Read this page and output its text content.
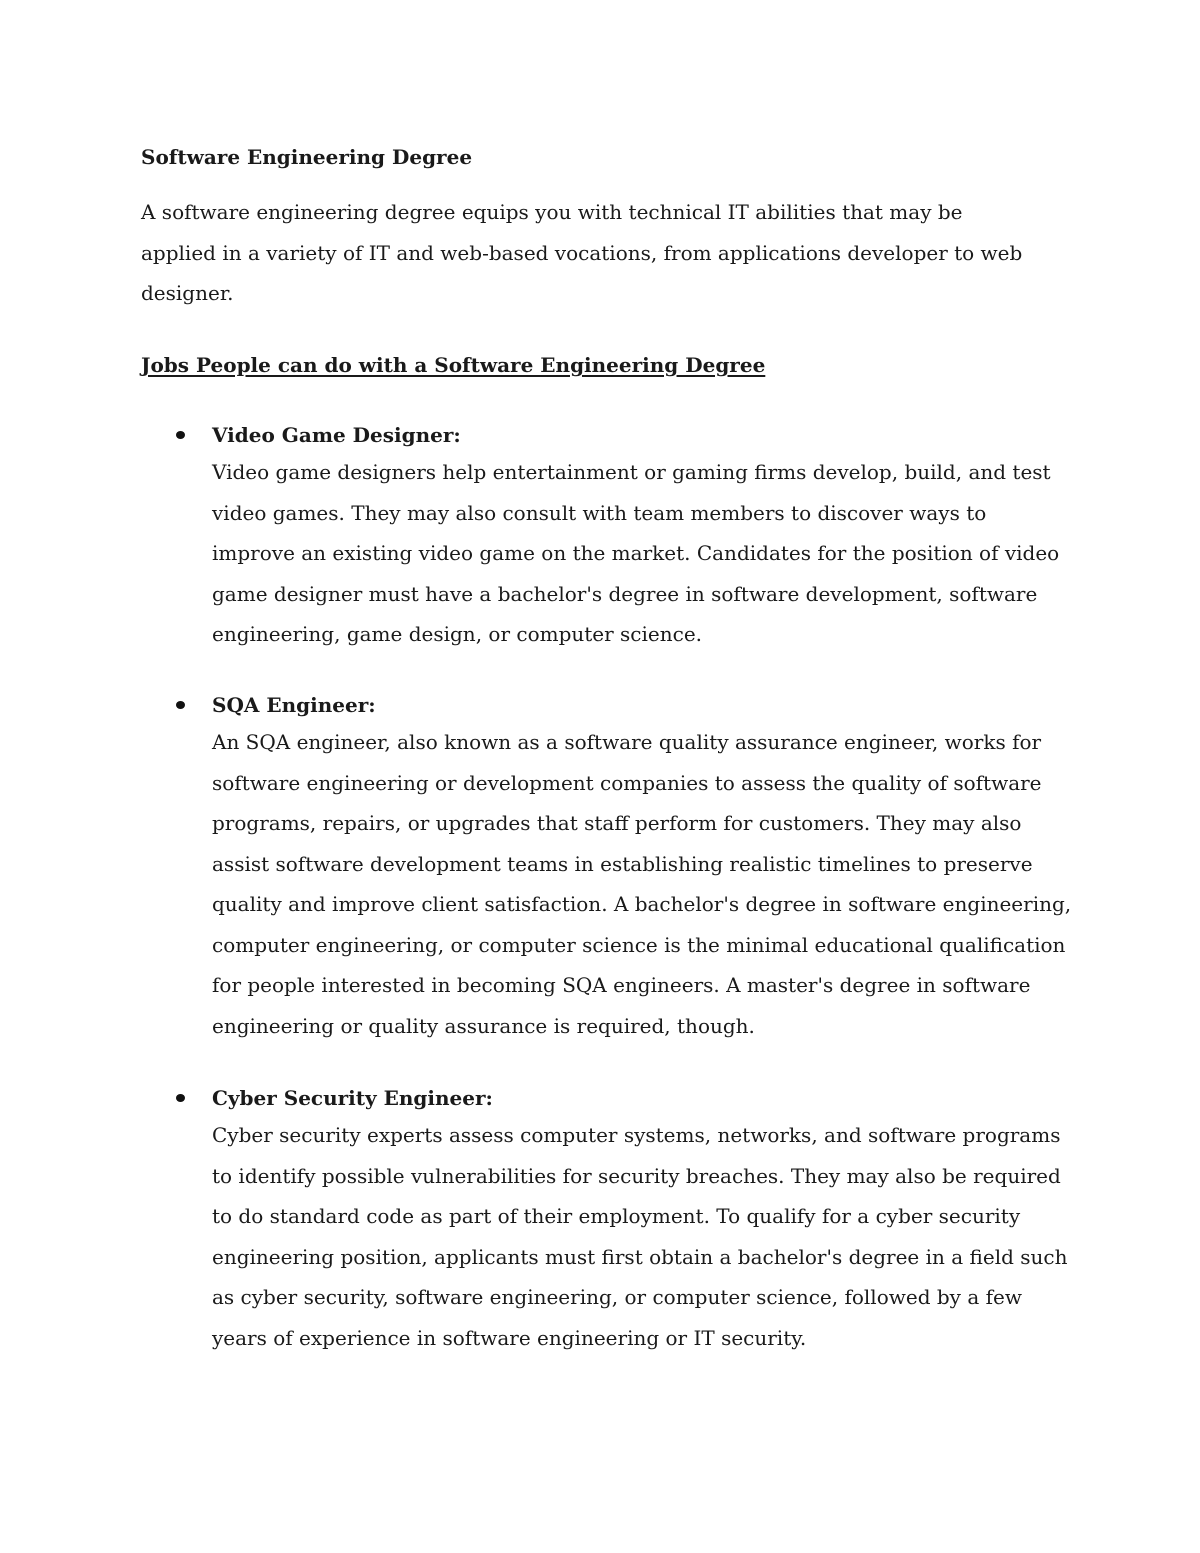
Software Engineering Degree

A software engineering degree equips you with technical IT abilities that may be applied in a variety of IT and web-based vocations, from applications developer to web designer.

Jobs People can do with a Software Engineering Degree
Video Game Designer:

Video game designers help entertainment or gaming firms develop, build, and test video games. They may also consult with team members to discover ways to improve an existing video game on the market. Candidates for the position of video game designer must have a bachelor's degree in software development, software engineering, game design, or computer science.

SQA Engineer:

An SQA engineer, also known as a software quality assurance engineer, works for software engineering or development companies to assess the quality of software programs, repairs, or upgrades that staff perform for customers. They may also assist software development teams in establishing realistic timelines to preserve quality and improve client satisfaction. A bachelor's degree in software engineering, computer engineering, or computer science is the minimal educational qualification for people interested in becoming SQA engineers. A master's degree in software engineering or quality assurance is required, though.

Cyber Security Engineer:

Cyber security experts assess computer systems, networks, and software programs to identify possible vulnerabilities for security breaches. They may also be required to do standard code as part of their employment. To qualify for a cyber security engineering position, applicants must first obtain a bachelor's degree in a field such as cyber security, software engineering, or computer science, followed by a few years of experience in software engineering or IT security.
